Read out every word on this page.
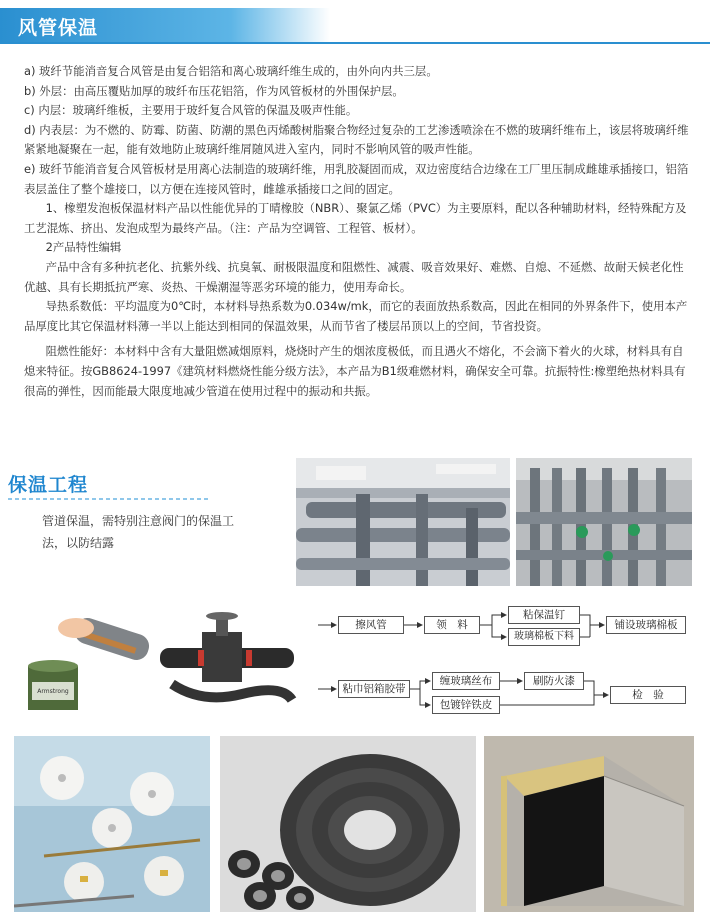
风管保温

a) 玻纤节能消音复合风管是由复合铝箔和离心玻璃纤维生成的，由外向内共三层。

b) 外层：由高压覆贴加厚的玻纤布压花铝箔，作为风管板材的外围保护层。

c) 内层：玻璃纤维板，主要用于玻纤复合风管的保温及吸声性能。

d) 内表层：为不燃的、防霉、防菌、防潮的黑色丙烯酸树脂聚合物经过复杂的工艺渗透喷涂在不燃的玻璃纤维布上，该层将玻璃纤维紧紧地凝聚在一起，能有效地防止玻璃纤维屑随风进入室内，同时不影响风管的吸声性能。

e) 玻纤节能消音复合风管板材是用离心法制造的玻璃纤维，用乳胶凝固而成，双边密度结合边缘在工厂里压制成雌雄承插接口，铝箔表层盖住了整个雄接口，以方便在连接风管时，雌雄承插接口之间的固定。

1、橡塑发泡板保温材料产品以性能优异的丁晴橡胶（NBR）、聚氯乙烯（PVC）为主要原料，配以各种辅助材料，经特殊配方及工艺混炼、挤出、发泡成型为最终产品。（注：产品为空调管、工程管、板材）。

2产品特性编辑

产品中含有多种抗老化、抗紫外线、抗臭氧、耐极限温度和阻燃性、减震、吸音效果好、难燃、自熄、不延燃、故耐天候老化性优越、具有长期抵抗严寒、炎热、干燥潮湿等恶劣环境的能力，使用寿命长。

导热系数低：平均温度为0℃时，本材料导热系数为0.034w/mk，而它的表面放热系数高，因此在相同的外界条件下，使用本产品厚度比其它保温材料薄一半以上能达到相同的保温效果，从而节省了楼层吊顶以上的空间，节省投资。

阻燃性能好：本材料中含有大量阻燃减烟原料，烧烧时产生的烟浓度极低，而且遇火不熔化，不会滴下着火的火球，材料具有自熄来特征。按GB8624-1997《建筑材料燃烧性能分级方法》，本产品为B1级难燃材料，确保安全可靠。抗振特性:橡塑绝热材料具有很高的弹性，因而能最大限度地减少管道在使用过程中的振动和共振。

保温工程
管道保温，需特别注意阀门的保温工法，以防结露
Armstrong
擦风管	领　料
粘保温钉
玻璃棉板下料
铺设玻璃棉板
粘巾铝箱胶带
缠玻璃丝布	刷防火漆
包镀锌铁皮
检　验
